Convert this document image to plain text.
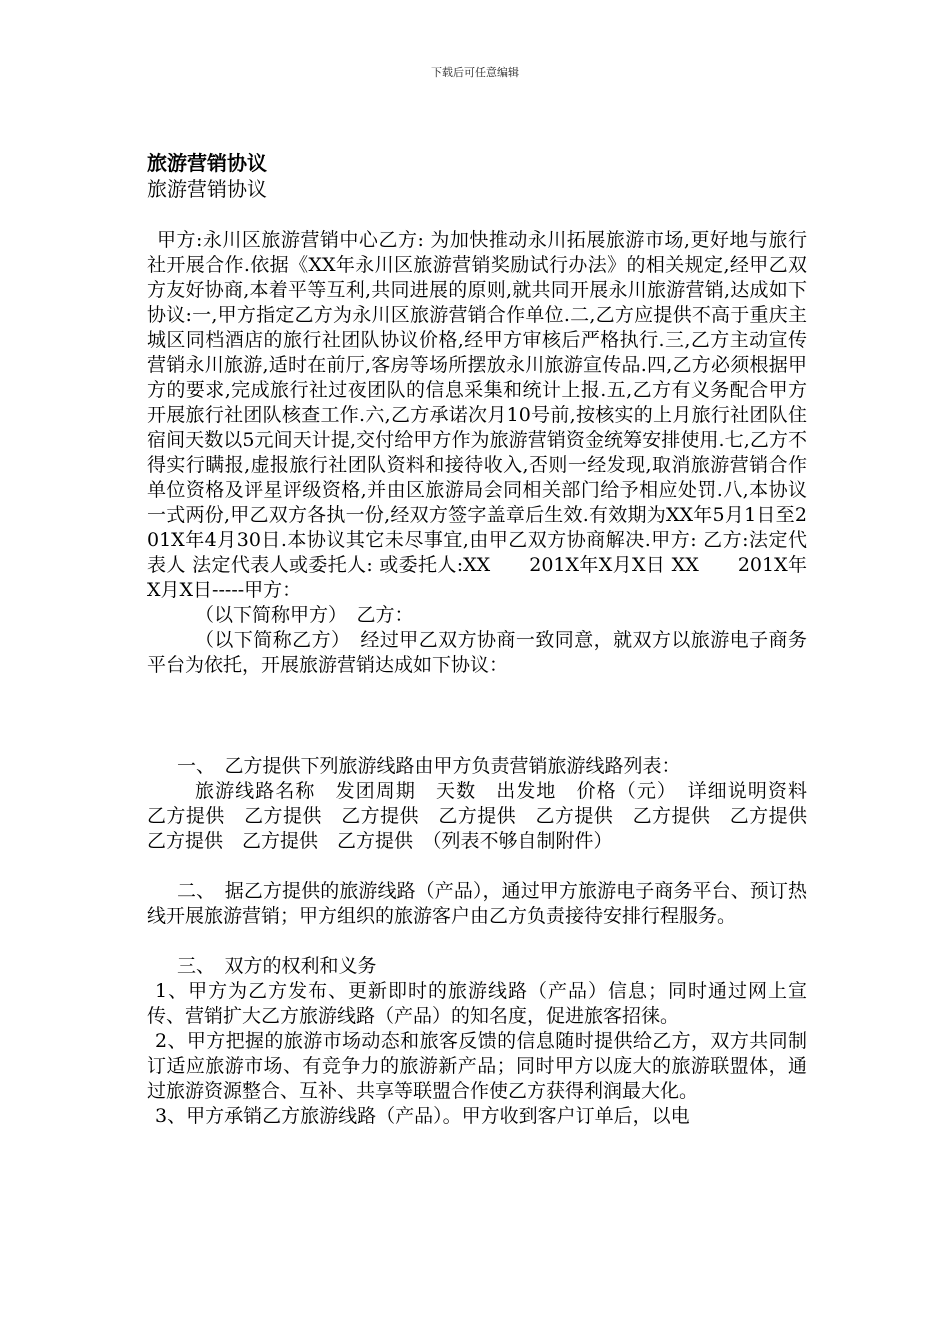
下载后可任意编辑

旅游营销协议

旅游营销协议

甲方:永川区旅游营销中心乙方: 为加快推动永川拓展旅游市场,更好地与旅行社开展合作.依据《XX年永川区旅游营销奖励试行办法》的相关规定,经甲乙双方友好协商,本着平等互利,共同进展的原则,就共同开展永川旅游营销,达成如下协议:一,甲方指定乙方为永川区旅游营销合作单位.二,乙方应提供不高于重庆主城区同档酒店的旅行社团队协议价格,经甲方审核后严格执行.三,乙方主动宣传营销永川旅游,适时在前厅,客房等场所摆放永川旅游宣传品.四,乙方必须根据甲方的要求,完成旅行社过夜团队的信息采集和统计上报.五,乙方有义务配合甲方开展旅行社团队核查工作.六,乙方承诺次月10号前,按核实的上月旅行社团队住宿间天数以5元间天计提,交付给甲方作为旅游营销资金统筹安排使用.七,乙方不得实行瞒报,虚报旅行社团队资料和接待收入,否则一经发现,取消旅游营销合作单位资格及评星评级资格,并由区旅游局会同相关部门给予相应处罚.八,本协议一式两份,甲乙双方各执一份,经双方签字盖章后生效.有效期为XX年5月1日至201X年4月30日.本协议其它未尽事宜,由甲乙双方协商解决.甲方: 乙方:法定代表人 法定代表人或委托人: 或委托人:XX　　201X年X月X日 XX　　201X年X月X日-----甲方：

（以下简称甲方）　乙方：

（以下简称乙方）　经过甲乙双方协商一致同意，就双方以旅游电子商务平台为依托，开展旅游营销达成如下协议：

一、　乙方提供下列旅游线路由甲方负责营销旅游线路列表：

旅游线路名称　发团周期　天数　出发地　价格（元）　详细说明资料　乙方提供　乙方提供　乙方提供　乙方提供　乙方提供　乙方提供　乙方提供　乙方提供　乙方提供　乙方提供　（列表不够自制附件）

二、　据乙方提供的旅游线路（产品），通过甲方旅游电子商务平台、预订热线开展旅游营销；甲方组织的旅游客户由乙方负责接待安排行程服务。

三、　双方的权利和义务

1、甲方为乙方发布、更新即时的旅游线路（产品）信息；同时通过网上宣传、营销扩大乙方旅游线路（产品）的知名度，促进旅客招徕。

2、甲方把握的旅游市场动态和旅客反馈的信息随时提供给乙方，双方共同制订适应旅游市场、有竞争力的旅游新产品；同时甲方以庞大的旅游联盟体，通过旅游资源整合、互补、共享等联盟合作使乙方获得利润最大化。

3、甲方承销乙方旅游线路（产品）。甲方收到客户订单后，以电
